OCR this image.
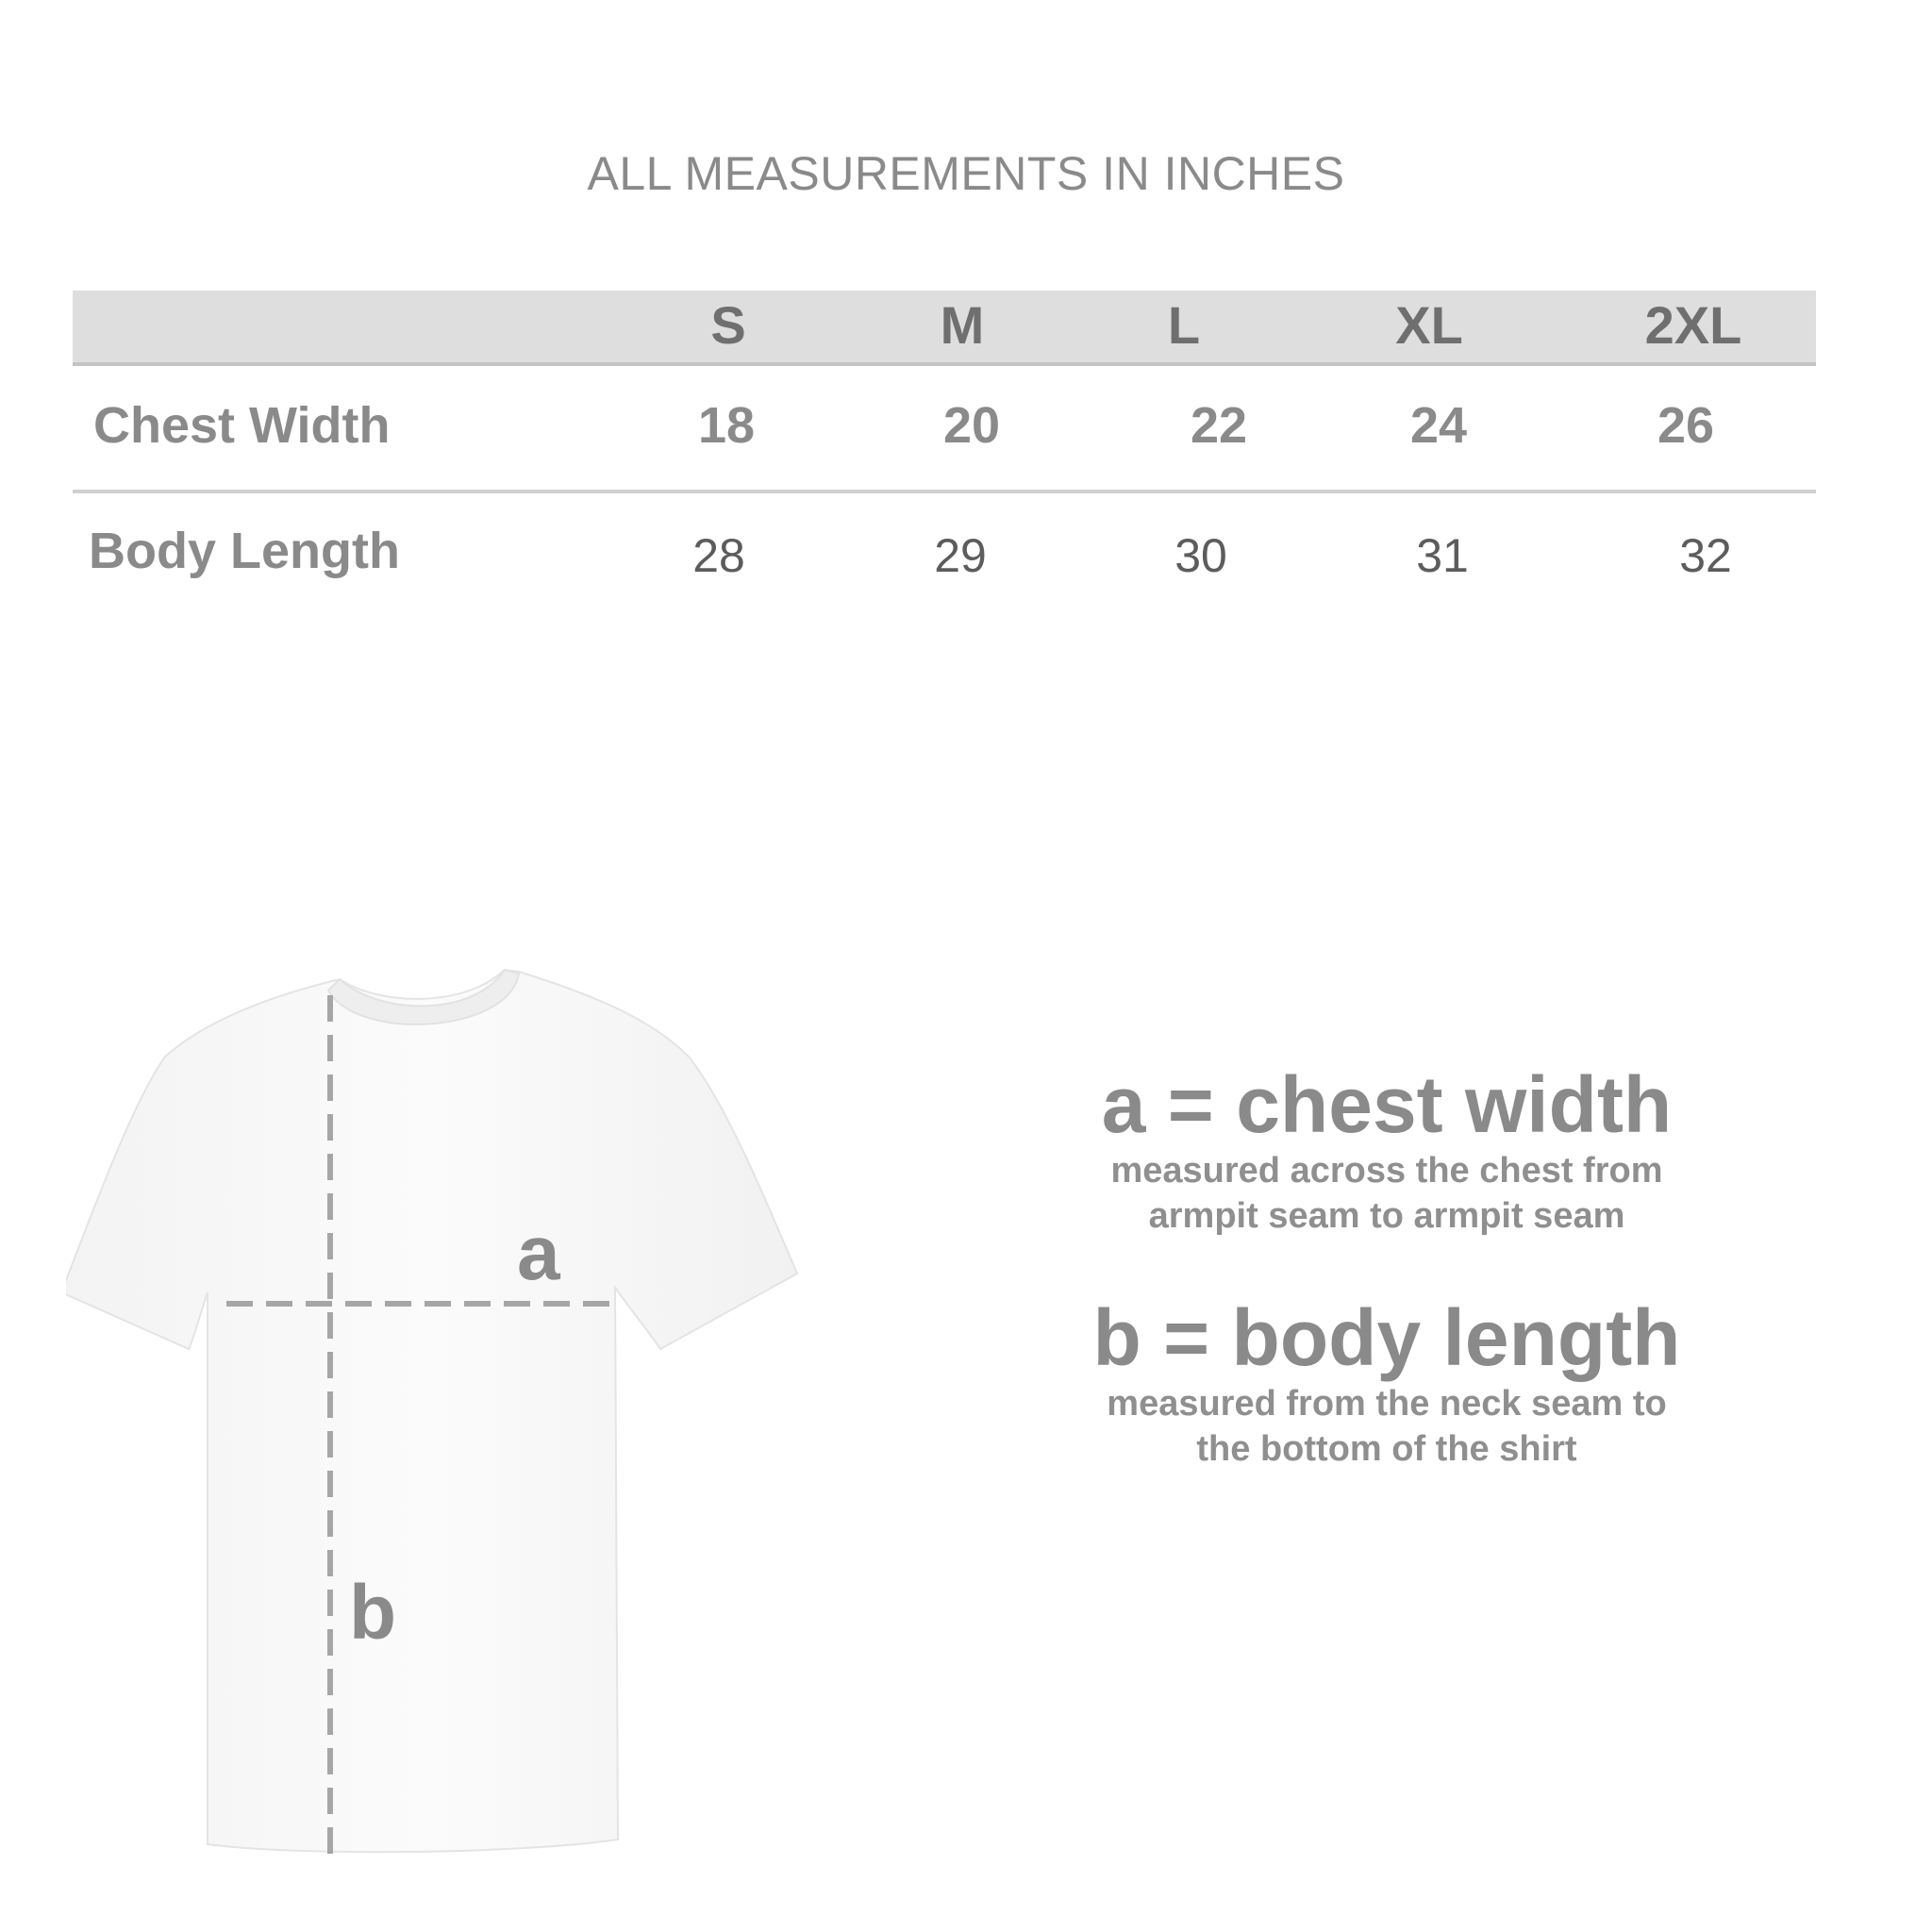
ALL MEASUREMENTS IN INCHES
S	M	L	XL	2XL
Chest Width	18	20	22	24	26
Body Length	28	29	30	31	32
a
b
a = chest width
measured across the chest from
armpit seam to armpit seam
b = body length
measured from the neck seam to
the bottom of the shirt
